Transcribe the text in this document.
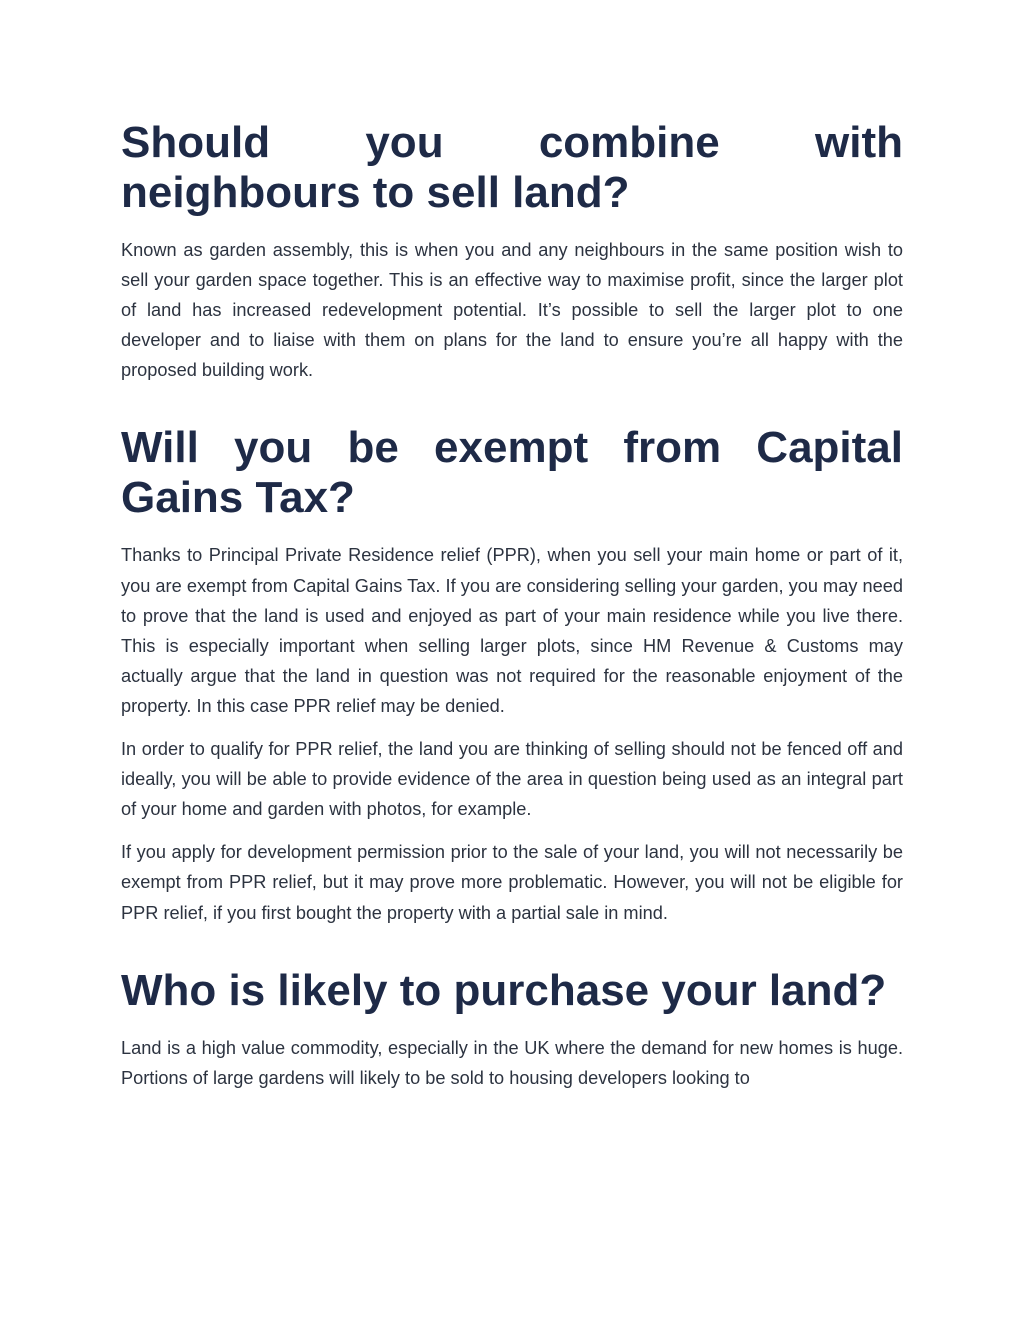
Should you combine with neighbours to sell land?

Known as garden assembly, this is when you and any neighbours in the same position wish to sell your garden space together. This is an effective way to maximise profit, since the larger plot of land has increased redevelopment potential. It’s possible to sell the larger plot to one developer and to liaise with them on plans for the land to ensure you’re all happy with the proposed building work.

Will you be exempt from Capital Gains Tax?

Thanks to Principal Private Residence relief (PPR), when you sell your main home or part of it, you are exempt from Capital Gains Tax. If you are considering selling your garden, you may need to prove that the land is used and enjoyed as part of your main residence while you live there. This is especially important when selling larger plots, since HM Revenue & Customs may actually argue that the land in question was not required for the reasonable enjoyment of the property. In this case PPR relief may be denied.

In order to qualify for PPR relief, the land you are thinking of selling should not be fenced off and ideally, you will be able to provide evidence of the area in question being used as an integral part of your home and garden with photos, for example.

If you apply for development permission prior to the sale of your land, you will not necessarily be exempt from PPR relief, but it may prove more problematic. However, you will not be eligible for PPR relief, if you first bought the property with a partial sale in mind.

Who is likely to purchase your land?

Land is a high value commodity, especially in the UK where the demand for new homes is huge. Portions of large gardens will likely to be sold to housing developers looking to
